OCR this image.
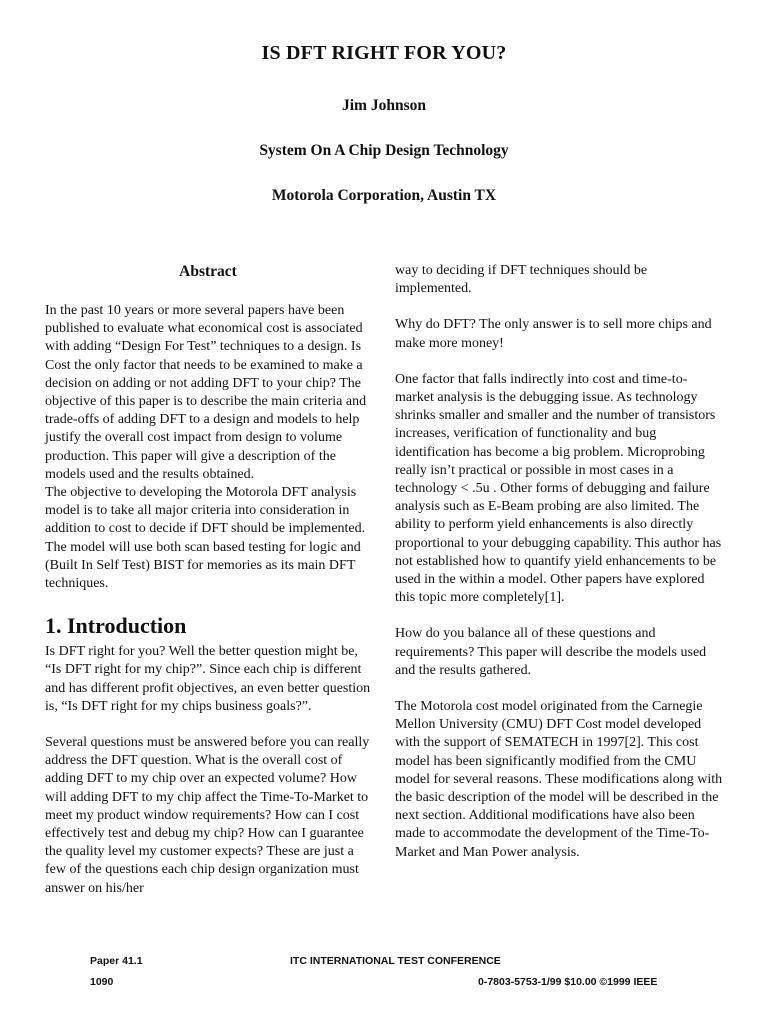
IS DFT RIGHT FOR YOU?
Jim Johnson
System On A Chip Design Technology
Motorola Corporation, Austin TX
Abstract

In the past 10 years or more several papers have been published to evaluate what economical cost is associated with adding “Design For Test” techniques to a design. Is Cost the only factor that needs to be examined to make a decision on adding or not adding DFT to your chip? The objective of this paper is to describe the main criteria and trade-offs of adding DFT to a design and models to help justify the overall cost impact from design to volume production. This paper will give a description of the models used and the results obtained.

The objective to developing the Motorola DFT analysis model is to take all major criteria into consideration in addition to cost to decide if DFT should be implemented. The model will use both scan based testing for logic and (Built In Self Test) BIST for memories as its main DFT techniques.

1. Introduction

Is DFT right for you? Well the better question might be, “Is DFT right for my chip?”. Since each chip is different and has different profit objectives, an even better question is, “Is DFT right for my chips business goals?”.

Several questions must be answered before you can really address the DFT question. What is the overall cost of adding DFT to my chip over an expected volume? How will adding DFT to my chip affect the Time-To-Market to meet my product window requirements? How can I cost effectively test and debug my chip? How can I guarantee the quality level my customer expects? These are just a few of the questions each chip design organization must answer on his/her

way to deciding if DFT techniques should be implemented.

Why do DFT? The only answer is to sell more chips and make more money!

One factor that falls indirectly into cost and time-to-market analysis is the debugging issue. As technology shrinks smaller and smaller and the number of transistors increases, verification of functionality and bug identification has become a big problem. Microprobing really isn’t practical or possible in most cases in a technology < .5u . Other forms of debugging and failure analysis such as E-Beam probing are also limited. The ability to perform yield enhancements is also directly proportional to your debugging capability. This author has not established how to quantify yield enhancements to be used in the within a model. Other papers have explored this topic more completely[1].

How do you balance all of these questions and requirements? This paper will describe the models used and the results gathered.

The Motorola cost model originated from the Carnegie Mellon University (CMU) DFT Cost model developed with the support of SEMATECH in 1997[2]. This cost model has been significantly modified from the CMU model for several reasons. These modifications along with the basic description of the model will be described in the next section. Additional modifications have also been made to accommodate the development of the Time-To-Market and Man Power analysis.

Paper 41.1	ITC INTERNATIONAL TEST CONFERENCE
1090	0-7803-5753-1/99 $10.00 ©1999 IEEE
